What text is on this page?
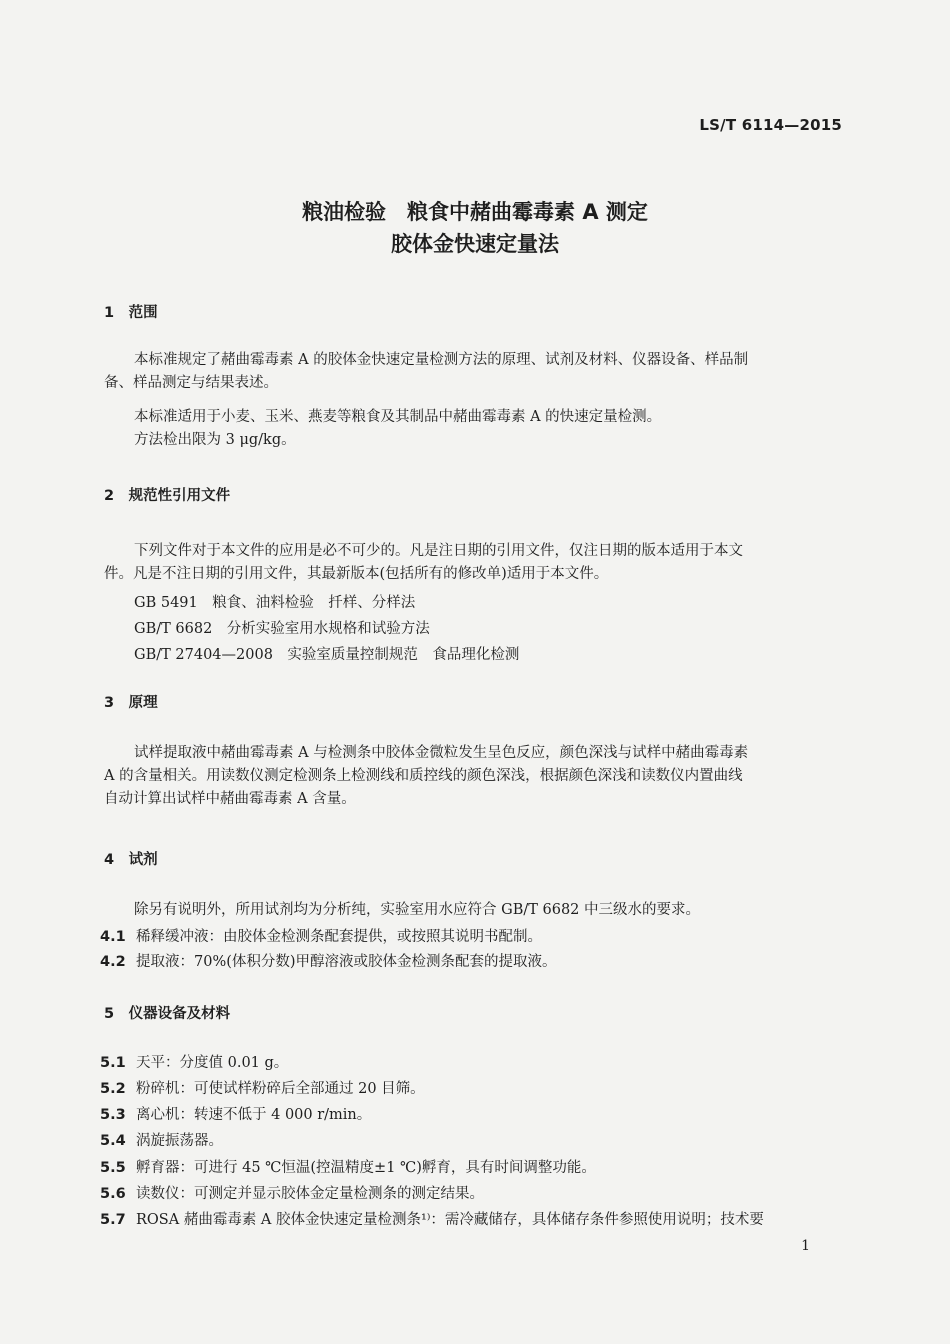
LS/T 6114—2015
粮油检验　粮食中赭曲霉毒素 A 测定
胶体金快速定量法
1　范围
本标准规定了赭曲霉毒素 A 的胶体金快速定量检测方法的原理、试剂及材料、仪器设备、样品制
备、样品测定与结果表述。
本标准适用于小麦、玉米、燕麦等粮食及其制品中赭曲霉毒素 A 的快速定量检测。
方法检出限为 3 μg/kg。
2　规范性引用文件
下列文件对于本文件的应用是必不可少的。凡是注日期的引用文件，仅注日期的版本适用于本文
件。凡是不注日期的引用文件，其最新版本(包括所有的修改单)适用于本文件。
GB 5491　粮食、油料检验　扦样、分样法
GB/T 6682　分析实验室用水规格和试验方法
GB/T 27404—2008　实验室质量控制规范　食品理化检测
3　原理
试样提取液中赭曲霉毒素 A 与检测条中胶体金微粒发生呈色反应，颜色深浅与试样中赭曲霉毒素
A 的含量相关。用读数仪测定检测条上检测线和质控线的颜色深浅，根据颜色深浅和读数仪内置曲线
自动计算出试样中赭曲霉毒素 A 含量。
4　试剂
除另有说明外，所用试剂均为分析纯，实验室用水应符合 GB/T 6682 中三级水的要求。
4.1 稀释缓冲液：由胶体金检测条配套提供，或按照其说明书配制。
4.2 提取液：70%(体积分数)甲醇溶液或胶体金检测条配套的提取液。
5　仪器设备及材料
5.1 天平：分度值 0.01 g。
5.2 粉碎机：可使试样粉碎后全部通过 20 目筛。
5.3 离心机：转速不低于 4 000 r/min。
5.4 涡旋振荡器。
5.5 孵育器：可进行 45 ℃恒温(控温精度±1 ℃)孵育，具有时间调整功能。
5.6 读数仪：可测定并显示胶体金定量检测条的测定结果。
5.7 ROSA 赭曲霉毒素 A 胶体金快速定量检测条¹⁾：需冷藏储存，具体储存条件参照使用说明；技术要
1
